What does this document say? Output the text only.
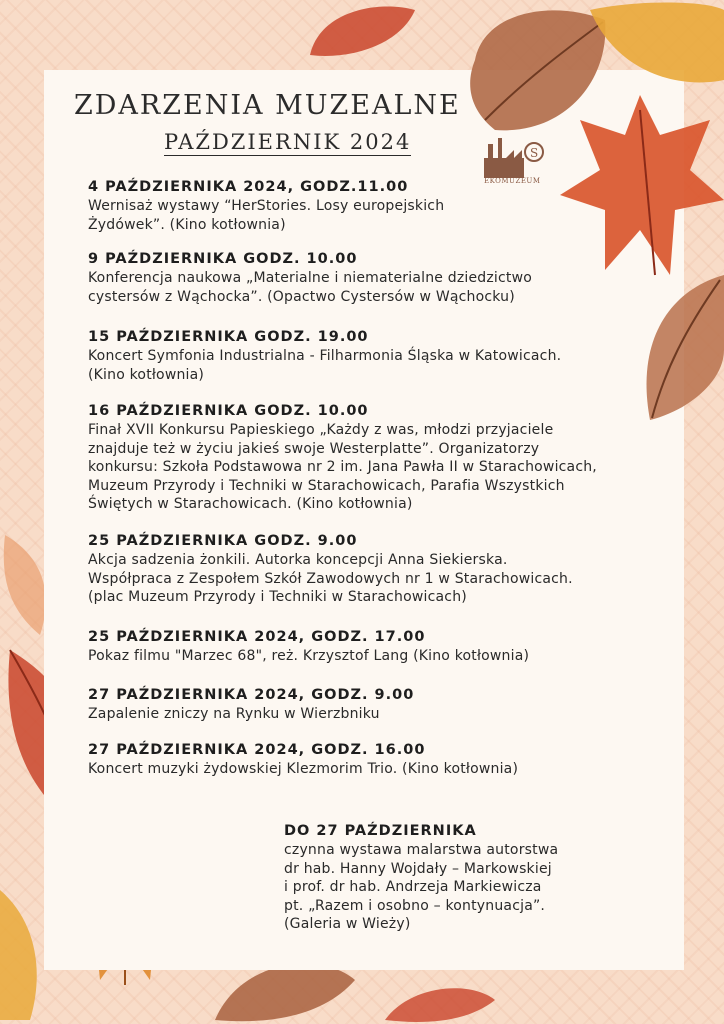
ZDARZENIA MUZEALNE
PAŹDZIERNIK 2024	S
EKOMUZEUM
4 PAŹDZIERNIKA 2024, GODZ.11.00
Wernisaż wystawy “HerStories. Losy europejskich
Żydówek”. (Kino kotłownia)
9 PAŹDZIERNIKA GODZ. 10.00
Konferencja naukowa „Materialne i niematerialne dziedzictwo
cystersów z Wąchocka”. (Opactwo Cystersów w Wąchocku)
15 PAŹDZIERNIKA GODZ. 19.00
Koncert Symfonia Industrialna - Filharmonia Śląska w Katowicach.
(Kino kotłownia)
16 PAŹDZIERNIKA GODZ. 10.00
Finał XVII Konkursu Papieskiego „Każdy z was, młodzi przyjaciele
znajduje też w życiu jakieś swoje Westerplatte”. Organizatorzy
konkursu: Szkoła Podstawowa nr 2 im. Jana Pawła II w Starachowicach,
Muzeum Przyrody i Techniki w Starachowicach, Parafia Wszystkich
Świętych w Starachowicach. (Kino kotłownia)
25 PAŹDZIERNIKA GODZ. 9.00
Akcja sadzenia żonkili. Autorka koncepcji Anna Siekierska.
Współpraca z Zespołem Szkół Zawodowych nr 1 w Starachowicach.
(plac Muzeum Przyrody i Techniki w Starachowicach)
25 PAŹDZIERNIKA 2024, GODZ. 17.00
Pokaz filmu "Marzec 68", reż. Krzysztof Lang (Kino kotłownia)
27 PAŹDZIERNIKA 2024, GODZ. 9.00
Zapalenie zniczy na Rynku w Wierzbniku
27 PAŹDZIERNIKA 2024, GODZ. 16.00
Koncert muzyki żydowskiej Klezmorim Trio. (Kino kotłownia)
DO 27 PAŹDZIERNIKA
czynna wystawa malarstwa autorstwa
dr hab. Hanny Wojdały – Markowskiej
i prof. dr hab. Andrzeja Markiewicza
pt. „Razem i osobno – kontynuacja”.
(Galeria w Wieży)
